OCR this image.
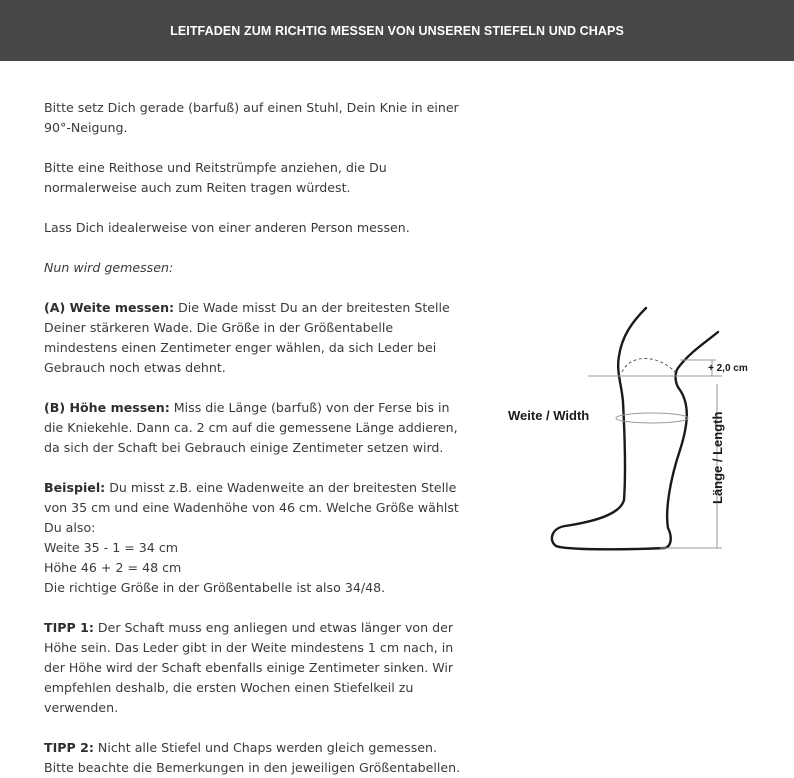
LEITFADEN ZUM RICHTIG MESSEN VON UNSEREN STIEFELN UND CHAPS

Bitte setz Dich gerade (barfuß) auf einen Stuhl, Dein Knie in einer 90°-Neigung.

Bitte eine Reithose und Reitstrümpfe anziehen, die Du normalerweise auch zum Reiten tragen würdest.

Lass Dich idealerweise von einer anderen Person messen.

Nun wird gemessen:

(A) Weite messen: Die Wade misst Du an der breitesten Stelle Deiner stärkeren Wade. Die Größe in der Größentabelle mindestens einen Zentimeter enger wählen, da sich Leder bei Gebrauch noch etwas dehnt.

(B) Höhe messen: Miss die Länge (barfuß) von der Ferse bis in die Kniekehle. Dann ca. 2 cm auf die gemessene Länge addieren, da sich der Schaft bei Gebrauch einige Zentimeter setzen wird.

Beispiel: Du misst z.B. eine Wadenweite an der breitesten Stelle von 35 cm und eine Wadenhöhe von 46 cm. Welche Größe wählst Du also:
Weite 35 - 1 = 34 cm
Höhe 46 + 2 = 48 cm
Die richtige Größe in der Größentabelle ist also 34/48.

TIPP 1: Der Schaft muss eng anliegen und etwas länger von der Höhe sein. Das Leder gibt in der Weite mindestens 1 cm nach, in der Höhe wird der Schaft ebenfalls einige Zentimeter sinken. Wir empfehlen deshalb, die ersten Wochen einen Stiefelkeil zu verwenden.

TIPP 2: Nicht alle Stiefel und Chaps werden gleich gemessen. Bitte beachte die Bemerkungen in den jeweiligen Größentabellen.

+ 2,0 cm
Weite / Width	Länge / Length
